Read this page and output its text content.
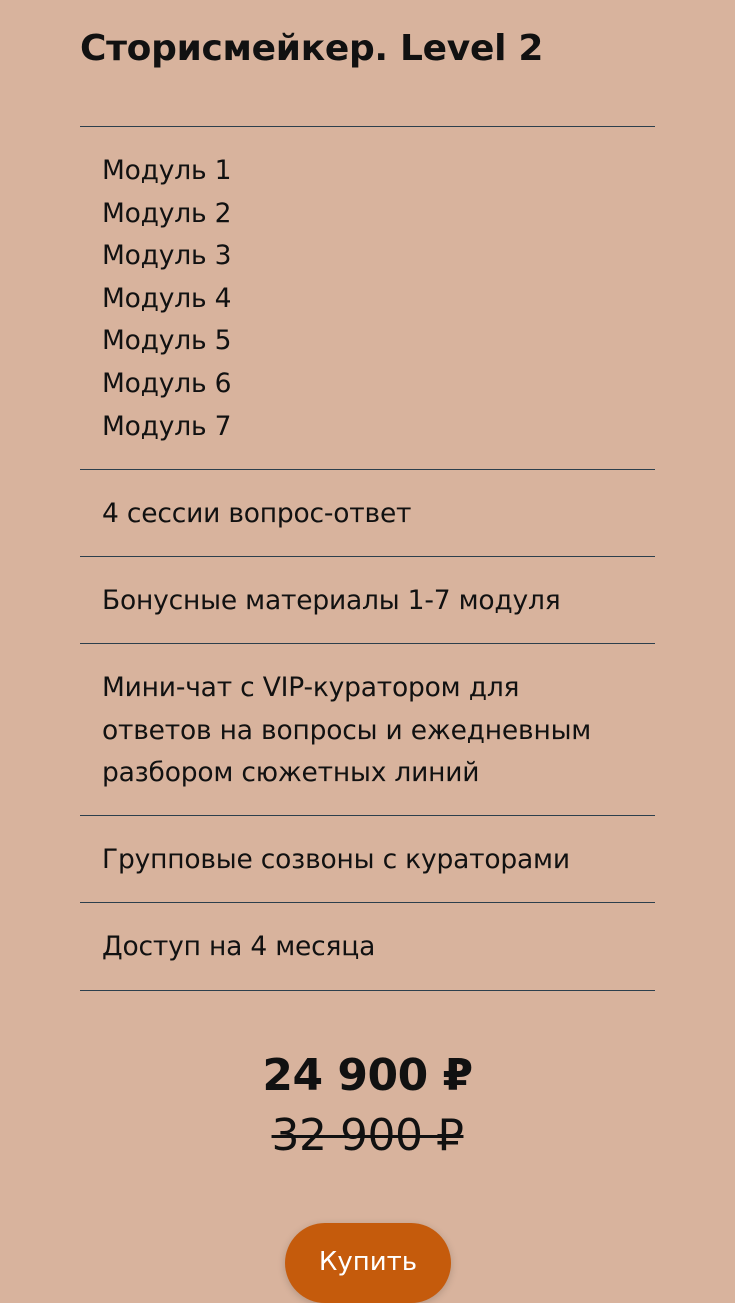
Сторисмейкер. Level 2
Модуль 1
Модуль 2
Модуль 3
Модуль 4
Модуль 5
Модуль 6
Модуль 7

4 сессии вопрос-ответ

Бонусные материалы 1-7 модуля

Мини-чат с VIP-куратором для ответов на вопросы и ежедневным разбором сюжетных линий

Групповые созвоны с кураторами

Доступ на 4 месяца

24 900 ₽
32 900 ₽
Купить
